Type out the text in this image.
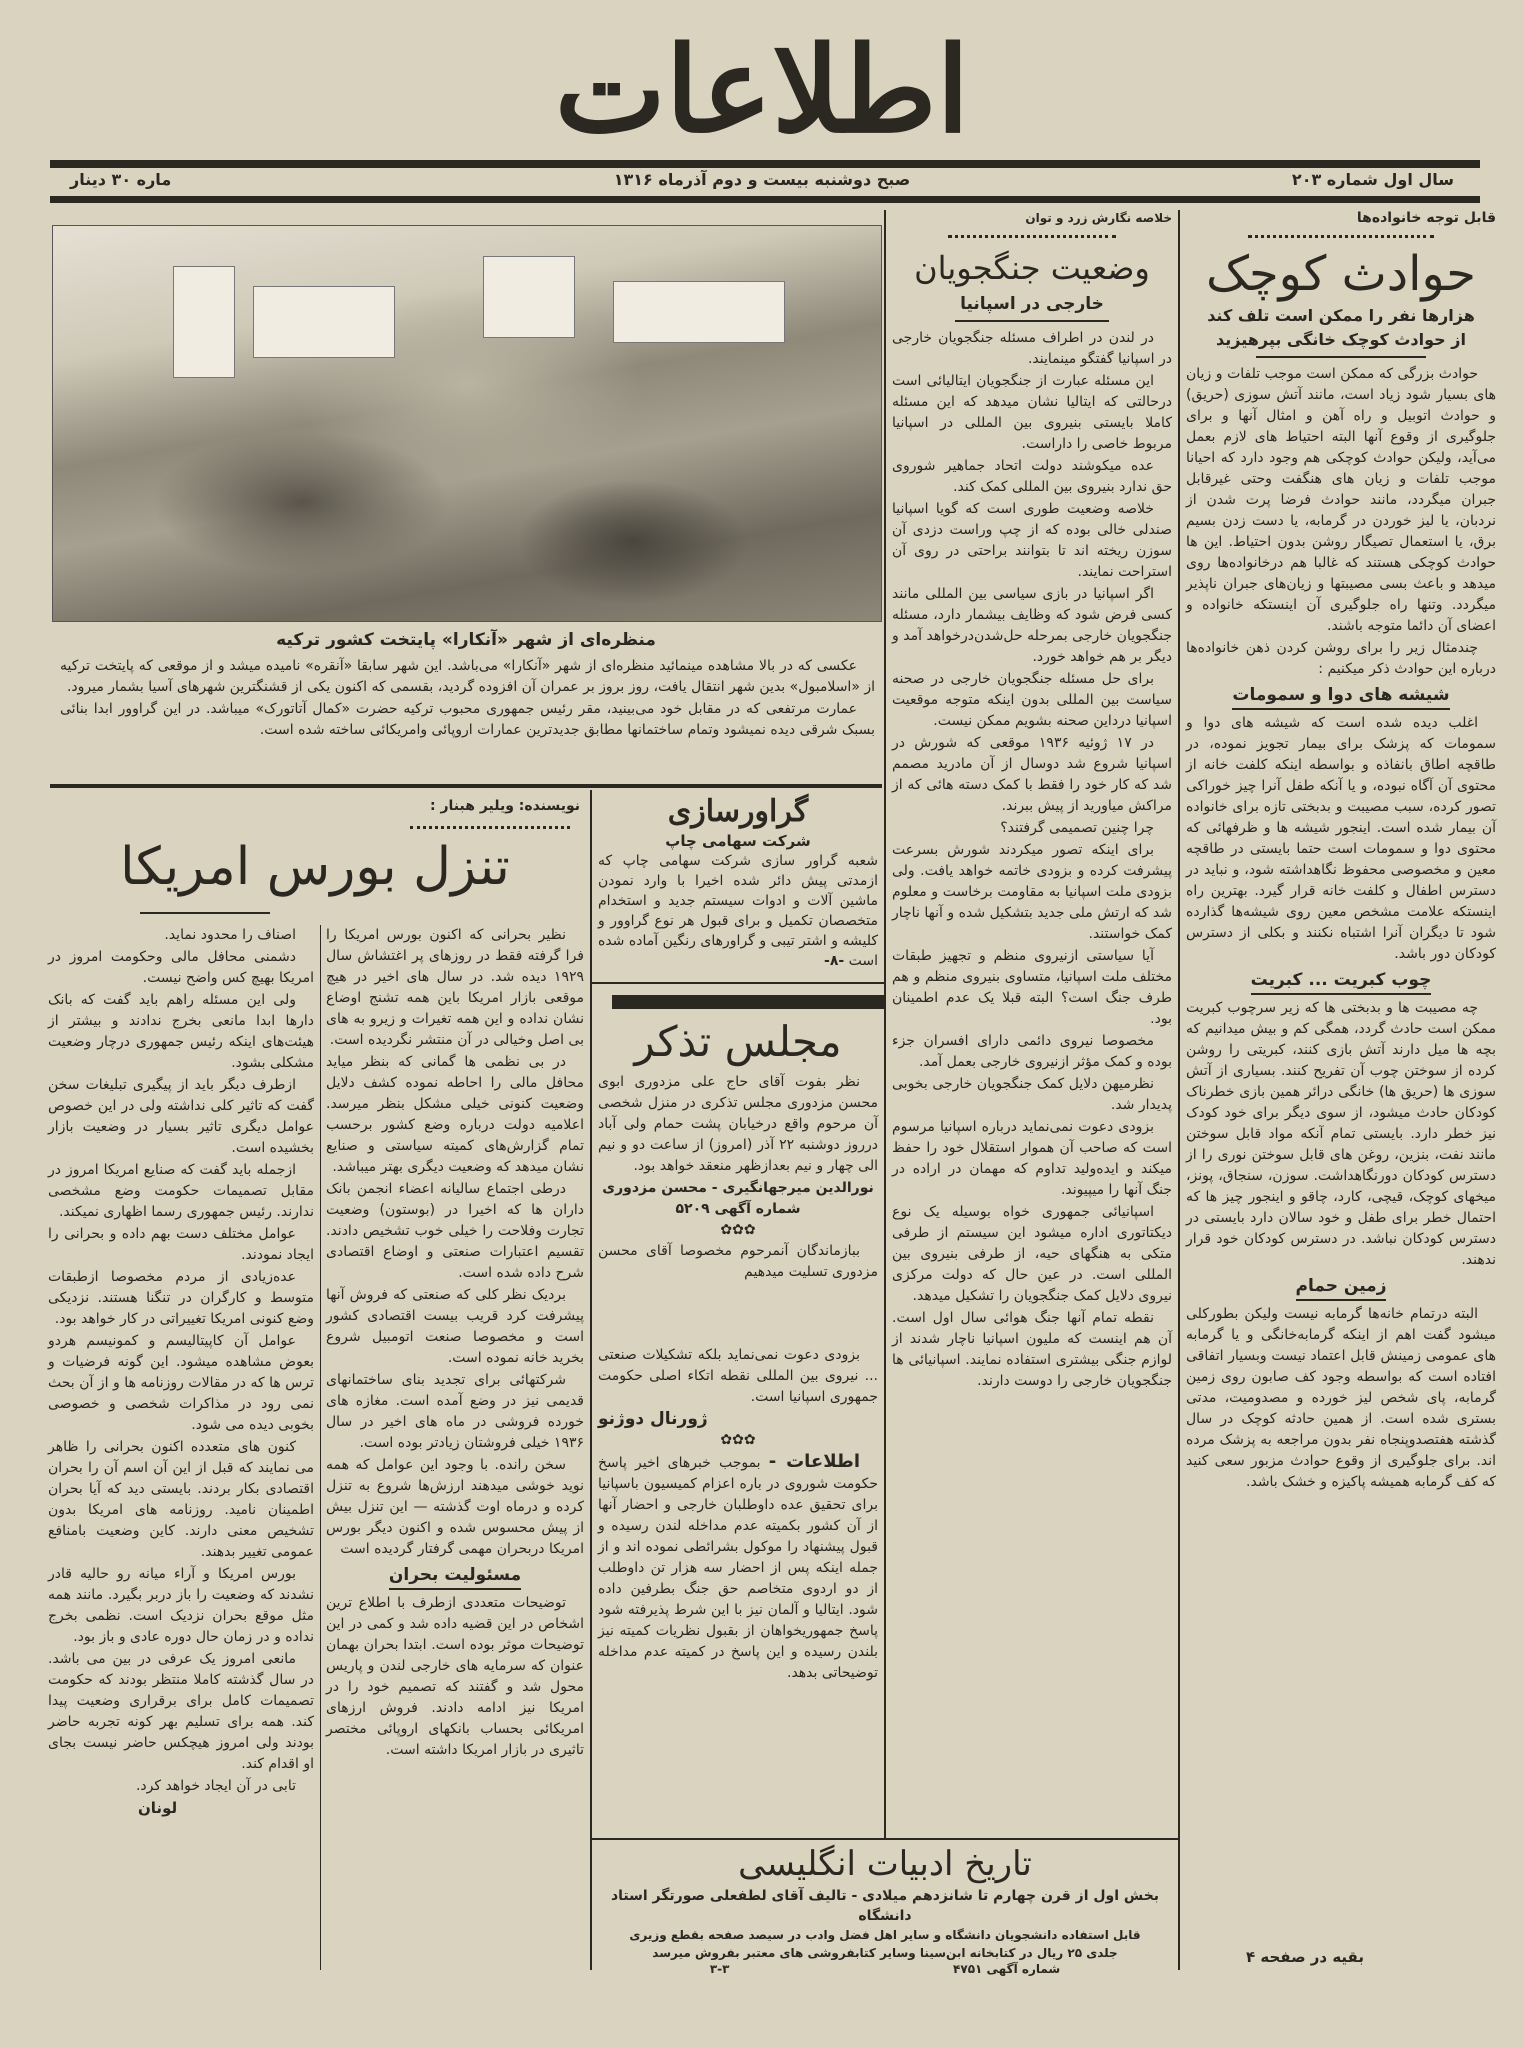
اطلاعات
سال اول شماره ۲۰۳
صبح دوشنبه بیست و دوم آذرماه ۱۳۱۶
ماره ۳۰ دینار
قابل توجه خانواده‌ها
حوادث کوچک
هزارها نفر را ممکن است تلف کند
از حوادث کوچک خانگی بپرهیزید

حوادث بزرگی که ممکن است موجب تلفات و زیان های بسیار شود زیاد است، مانند آتش سوزی (حریق) و حوادث اتوبیل و راه آهن و امثال آنها و برای جلوگیری از وقوع آنها البته احتیاط های لازم بعمل می‌آید، ولیکن حوادث کوچکی هم وجود دارد که احیانا موجب تلفات و زیان های هنگفت وحتی غیرقابل جبران میگردد، مانند حوادث فرضا پرت شدن از نردبان، یا لیز خوردن در گرمابه، یا دست زدن بسیم برق، یا استعمال تصیگار روشن بدون احتیاط. این ها حوادث کوچکی هستند که غالبا هم درخانواده‌ها روی میدهد و باعث بسی مصیبتها و زیان‌های جبران ناپذیر میگردد. وتنها راه جلوگیری آن اینستکه خانواده و اعضای آن دائما متوجه باشند.

چندمثال زیر را برای روشن کردن ذهن خانواده‌ها درباره این حوادث ذکر میکنیم :

شیشه های دوا و سمومات

اغلب دیده شده است که شیشه های دوا و سمومات که پزشک برای بیمار تجویز نموده، در طاقچه اطاق بانفاذه و بواسطه اینکه کلفت خانه از محتوی آن آگاه نبوده، و یا آنکه طفل آنرا چیز خوراکی تصور کرده، سبب مصیبت و بدبختی تازه برای خانواده آن بیمار شده است. اینجور شیشه ها و ظرفهائی که محتوی دوا و سمومات است حتما بایستی در طاقچه معین و مخصوصی محفوظ نگاهداشته شود، و نباید در دسترس اطفال و کلفت خانه قرار گیرد. بهترین راه اینستکه علامت مشخص معین روی شیشه‌ها گذارده شود تا دیگران آنرا اشتباه نکنند و بکلی از دسترس کودکان دور باشد.

چوب کبریت ... کبریت

چه مصیبت ها و بدبختی ها که زیر سرچوب کبریت ممکن است حادث گردد، همگی کم و بیش میدانیم که بچه ها میل دارند آتش بازی کنند، کبریتی را روشن کرده از سوختن چوب آن تفریح کنند. بسیاری از آتش سوزی ها (حریق ها) خانگی درائر همین بازی خطرناک کودکان حادث میشود، از سوی دیگر برای خود کودک نیز خطر دارد. بایستی تمام آنکه مواد قابل سوختن مانند نفت، بنزین، روغن های قابل سوختن نوری را از دسترس کودکان دورنگاهداشت. سوزن، سنجاق، پونز، میخهای کوچک، قیچی، کارد، چاقو و اینجور چیز ها که احتمال خطر برای طفل و خود سالان دارد بایستی در دسترس کودکان نباشد. در دسترس کودکان خود قرار ندهند.

زمین حمام

البته درتمام خانه‌ها گرمابه نیست ولیکن بطورکلی میشود گفت اهم از اینکه گرمابه‌خانگی و یا گرمابه های عمومی زمینش قابل اعتماد نیست وبسیار اتفاقی افتاده است که بواسطه وجود کف صابون روی زمین گرمابه، پای شخص لیز خورده و مصدومیت، مدتی بستری شده است. از همین حادثه کوچک در سال گذشته هفتصدوپنجاه نفر بدون مراجعه به پزشک مرده اند. برای جلوگیری از وقوع حوادث مزبور سعی کنید که کف گرمابه همیشه پاکیزه و خشک باشد.

بقیه در صفحه ۴
خلاصه نگارش زرد و توان
وضعیت جنگجویان
خارجی در اسپانیا

در لندن در اطراف مسئله جنگجویان خارجی در اسپانیا گفتگو مینمایند.

این مسئله عبارت از جنگجویان ایتالیائی است درحالتی که ایتالیا نشان میدهد که این مسئله کاملا بایستی بنیروی بین المللی در اسپانیا مربوط خاصی را داراست.

عده میکوشند دولت اتحاد جماهیر شوروی حق ندارد بنیروی بین المللی کمک کند.

خلاصه وضعیت طوری است که گویا اسپانیا صندلی خالی بوده که از چپ وراست دزدی آن سوزن ریخته اند تا بتوانند براحتی در روی آن استراحت نمایند.

اگر اسپانیا در بازی سیاسی بین المللی مانند کسی فرض شود که وظایف بیشمار دارد، مسئله جنگجویان خارجی بمرحله حل‌شدن‌درخواهد آمد و دیگر بر هم خواهد خورد.

برای حل مسئله جنگجویان خارجی در صحنه سیاست بین المللی بدون اینکه متوجه موقعیت اسپانیا درداین صحنه بشویم ممکن نیست.

در ۱۷ ژوئیه ۱۹۳۶ موقعی که شورش در اسپانیا شروع شد دوسال از آن مادرید مصمم شد که کار خود را فقط با کمک دسته هائی که از مراکش میاورید از پیش ببرند.

چرا چنین تصمیمی گرفتند؟

برای اینکه تصور میکردند شورش بسرعت پیشرفت کرده و بزودی خاتمه خواهد یافت. ولی بزودی ملت اسپانیا به مقاومت برخاست و معلوم شد که ارتش ملی جدید بتشکیل شده و آنها ناچار کمک خواستند.

آیا سیاستی ازنیروی منظم و تجهیز طبقات مختلف ملت اسپانیا، متساوی بنیروی منظم و هم طرف جنگ است؟ البته قبلا یک عدم اطمینان بود.

مخصوصا نیروی دائمی دارای افسران جزء بوده و کمک مؤثر ازنیروی خارجی بعمل آمد.

نظرمیهن دلایل کمک جنگجویان خارجی بخوبی پدیدار شد.

بزودی دعوت نمی‌نماید درباره اسپانیا مرسوم است که صاحب آن هموار استقلال خود را حفظ میکند و ایده‌ولید تداوم که مهمان در اراده در جنگ آنها را میپیوند.

اسپانیائی جمهوری خواه بوسیله یک نوع دیکتاتوری اداره میشود این سیستم از طرفی متکی به هنگهای حیه، از طرفی بنیروی بین المللی است. در عین حال که دولت مرکزی نیروی دلایل کمک جنگجویان را تشکیل میدهد.

نقطه تمام آنها جنگ هوائی سال اول است. آن هم اینست که ملیون اسپانیا ناچار شدند از لوازم جنگی بیشتری استفاده نمایند. اسپانیائی ها جنگجویان خارجی را دوست دارند.

منظره‌ای از شهر «آنکارا» پایتخت کشور ترکیه

عکسی که در بالا مشاهده مینمائید منظره‌ای از شهر «آنکارا» می‌باشد. این شهر سابقا «آنقره» نامیده میشد و از موقعی که پایتخت ترکیه از «اسلامبول» بدین شهر انتقال یافت، روز بروز بر عمران آن افزوده گردید، بقسمی که اکنون یکی از قشنگترین شهرهای آسیا بشمار میرود.

عمارت مرتفعی که در مقابل خود می‌بینید، مقر رئیس جمهوری محبوب ترکیه حضرت «کمال آتاتورک» میباشد. در این گراوور ابدا بنائی بسبک شرقی دیده نمیشود وتمام ساختمانها مطابق جدیدترین عمارات اروپائی وامریکائی ساخته شده است.

گراورسازی
شرکت سهامی چاپ
شعبه گراور سازی شرکت سهامی چاپ که ازمدتی پیش دائر شده اخیرا با وارد نمودن ماشین آلات و ادوات سیستم جدید و استخدام متخصصان تکمیل و برای قبول هر نوع گراوور و کلیشه و اشتر تیبی و گراورهای رنگین آماده شده است -۸-
مجلس تذکر

نظر بفوت آقای حاج علی مزدوری ابوی محسن مزدوری مجلس تذکری در منزل شخصی آن مرحوم واقع درخیابان پشت حمام ولی آباد درروز دوشنبه ۲۲ آذر (امروز) از ساعت دو و نیم الی چهار و نیم بعدازظهر منعقد خواهد بود.

نورالدین میرجهانگیری - محسن مزدوری
شماره آگهی ۵۲۰۹
✿✿✿

ببازماندگان آنمرحوم مخصوصا آقای محسن مزدوری تسلیت میدهیم

بزودی دعوت نمی‌نماید بلکه تشکیلات صنعتی ... نیروی بین المللی نقطه اتکاء اصلی حکومت جمهوری اسپانیا است.

ژورنال دوژنو
✿✿✿

اطلاعات - بموجب خبرهای اخیر پاسخ حکومت شوروی در باره اعزام کمیسیون باسپانیا برای تحقیق عده داوطلبان خارجی و احضار آنها از آن کشور بکمیته عدم مداخله لندن رسیده و قبول پیشنهاد را موکول بشرائطی نموده اند و از جمله اینکه پس از احضار سه هزار تن داوطلب از دو اردوی متخاصم حق جنگ بطرفین داده شود. ایتالیا و آلمان نیز با این شرط پذیرفته شود پاسخ جمهوریخواهان از بقبول نظریات کمیته نیز بلندن رسیده و این پاسخ در کمیته عدم مداخله توضیحاتی بدهد.

نویسنده: ویلیر هبنار :
تنزل بورس امریکا

نظیر بحرانی که اکنون بورس امریکا را فرا گرفته فقط در روزهای پر اغتشاش سال ۱۹۲۹ دیده شد. در سال های اخیر در هیچ موقعی بازار امریکا باین همه تشنج اوضاع نشان نداده و این همه تغیرات و زیرو به های بی اصل وخیالی در آن منتشر نگردیده است.

در بی نظمی ها گمانی که بنظر میاید محافل مالی را احاطه نموده کشف دلایل وضعیت کنونی خیلی مشکل بنظر میرسد. اعلامیه دولت درباره وضع کشور برحسب تمام گزارش‌های کمیته سیاستی و صنایع نشان میدهد که وضعیت دیگری بهتر میباشد.

درطی اجتماع سالیانه اعضاء انجمن بانک داران ها که اخیرا در (بوستون) وضعیت تجارت وفلاحت را خیلی خوب تشخیص دادند. تقسیم اعتبارات صنعتی و اوضاع اقتصادی شرح داده شده است.

بردیک نظر کلی که صنعتی که فروش آنها پیشرفت کرد قریب بیست اقتصادی کشور است و مخصوصا صنعت اتومبیل شروع بخرید خانه نموده است.

شرکتهائی برای تجدید بنای ساختمانهای قدیمی نیز در وضع آمده است. مغازه های خورده فروشی در ماه های اخیر در سال ۱۹۳۶ خیلی فروشتان زیادتر بوده است.

سخن رانده. با وجود این عوامل که همه نوید خوشی میدهند ارزش‌ها شروع به تنزل کرده و درماه اوت گذشته — این تنزل بیش از پیش محسوس شده و اکنون دیگر بورس امریکا دربحران مهمی گرفتار گردیده است

مسئولیت بحران

توضیحات متعددی ازطرف با اطلاع ترین اشخاص در این قضیه داده شد و کمی در این توضیحات موثر بوده است. ابتدا بحران بهمان عنوان که سرمایه های خارجی لندن و پاریس محول شد و گفتند که تصمیم خود را در امریکا نیز ادامه دادند. فروش ارزهای امریکائی بحساب بانکهای اروپائی مختصر تاثیری در بازار امریکا داشته است.

اصناف را محدود نماید.

دشمنی محافل مالی وحکومت امروز در امریکا بهیچ کس واضح نیست.

ولی این مسئله راهم باید گفت که بانک دارها ابدا مانعی بخرج ندادند و بیشتر از هیئت‌های اینکه رئیس جمهوری درچار وضعیت مشکلی بشود.

ازطرف دیگر باید از پیگیری تبلیغات سخن گفت که تاثیر کلی نداشته ولی در این خصوص عوامل دیگری تاثیر بسیار در وضعیت بازار بخشیده است.

ازجمله باید گفت که صنایع امریکا امروز در مقابل تصمیمات حکومت وضع مشخصی ندارند. رئیس جمهوری رسما اظهاری نمیکند.

عوامل مختلف دست بهم داده و بحرانی را ایجاد نمودند.

عده‌زیادی از مردم مخصوصا ازطبقات متوسط و کارگران در تنگنا هستند. نزدیکی وضع کنونی امریکا تغییراتی در کار خواهد بود.

عوامل آن کاپیتالیسم و کمونیسم هردو بعوض مشاهده میشود. این گونه فرضیات و ترس ها که در مقالات روزنامه ها و از آن بحث نمی رود در مذاکرات شخصی و خصوصی بخوبی دیده می شود.

کنون های متعدده اکنون بحرانی را ظاهر می نمایند که قبل از این آن اسم آن را بحران اقتصادی بکار بردند. بایستی دید که آیا بحران اطمینان نامید. روزنامه های امریکا بدون تشخیص معنی دارند. کاین وضعیت بامنافع عمومی تغییر بدهند.

بورس امریکا و آراء میانه رو حالیه قادر نشدند که وضعیت را باز دربر بگیرد. مانند همه مثل موقع بحران نزدیک است. نظمی بخرج نداده و در زمان حال دوره عادی و باز بود.

مانعی امروز یک عرفی در بین می باشد. در سال گذشته کاملا منتظر بودند که حکومت تصمیمات کامل برای برقراری وضعیت پیدا کند. همه برای تسلیم بهر کونه تجربه حاضر بودند ولی امروز هیچکس حاضر نیست بجای او اقدام کند.

تابی در آن ایجاد خواهد کرد.

لونان
تاریخ ادبیات انگلیسی
بخش اول از قرن چهارم تا شانزدهم میلادی - تالیف آقای لطفعلی صورتگر استاد دانشگاه
قابل استفاده دانشجویان دانشگاه و سایر اهل فضل وادب در سیصد صفحه بقطع وزیری
جلدی ۲۵ ریال در کتابخانه ابن‌سینا وسایر کتابفروشی های معتبر بفروش میرسد
شماره آگهی ۴۷۵۱
۳-۳
